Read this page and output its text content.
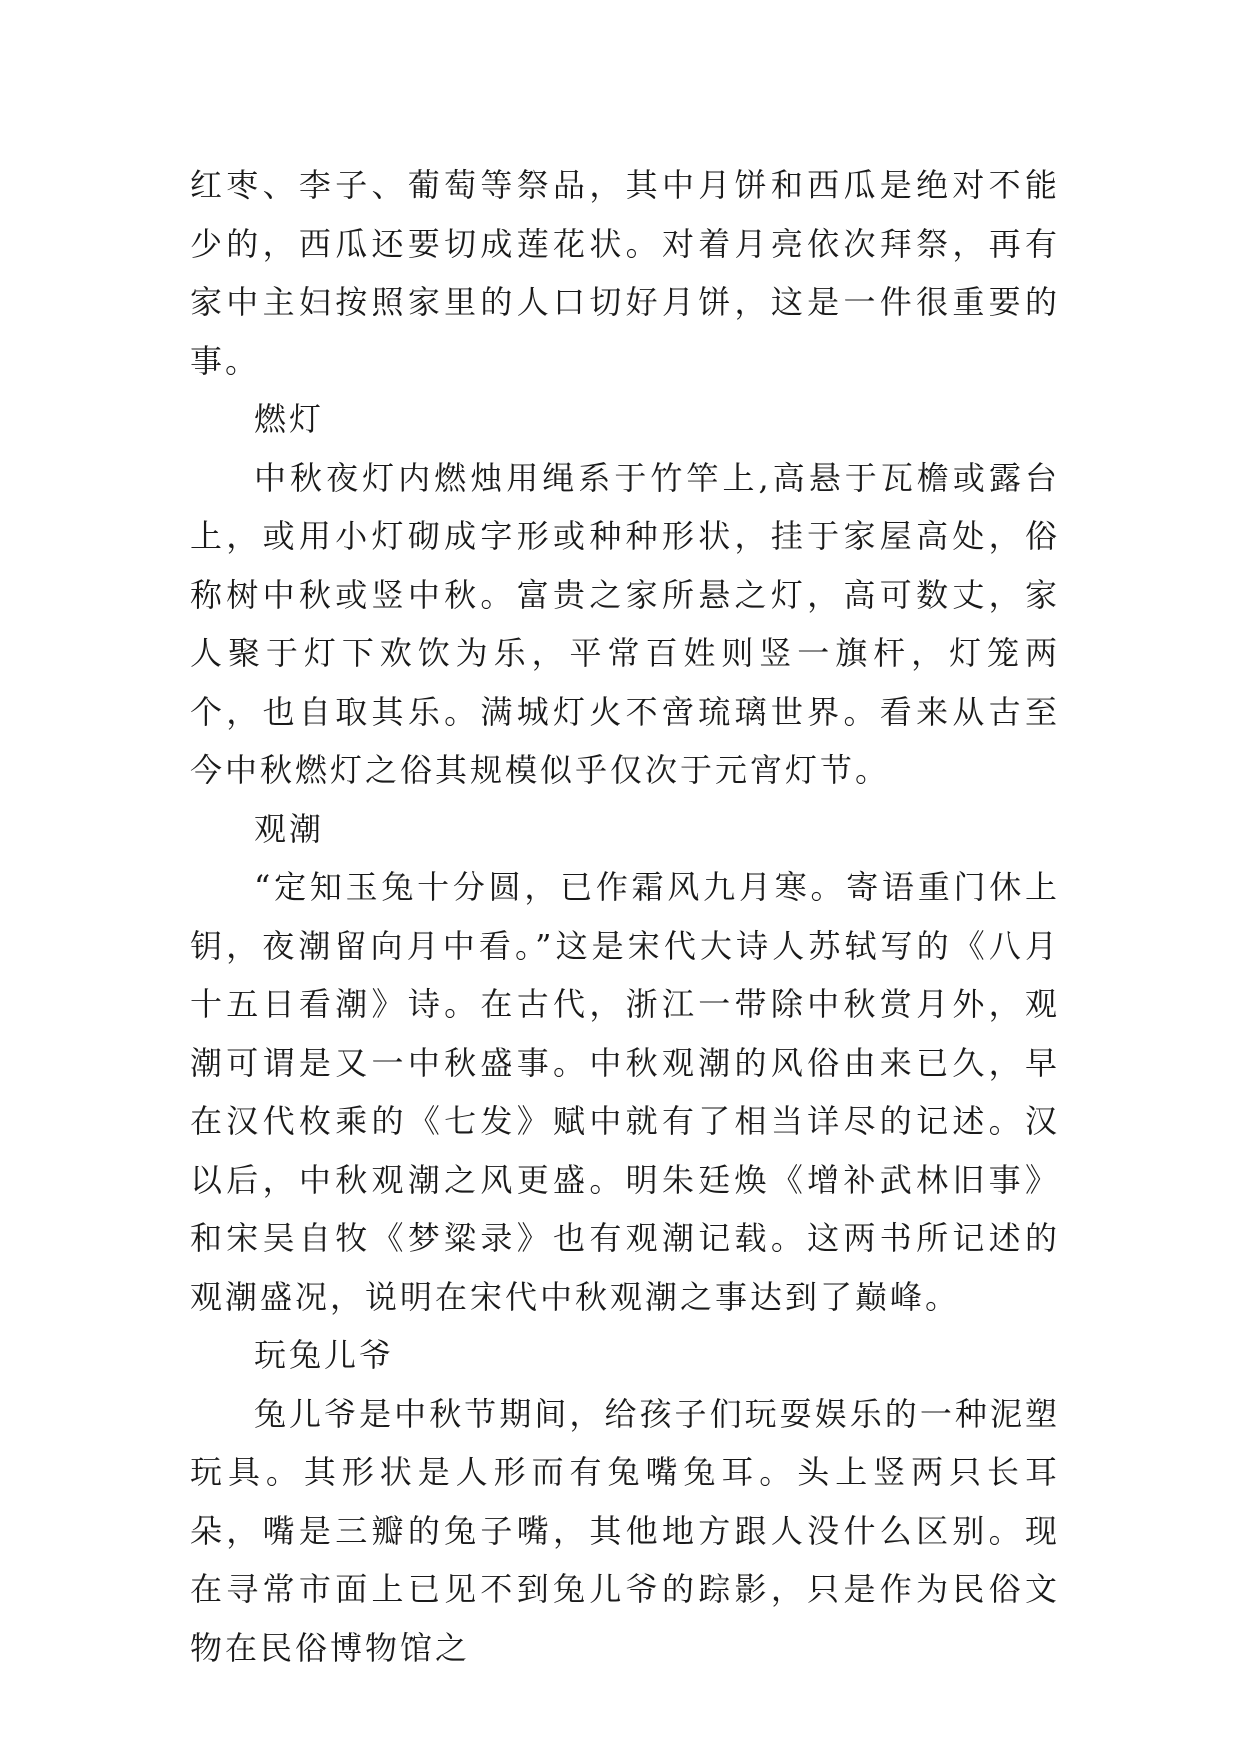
红枣、李子、葡萄等祭品，其中月饼和西瓜是绝对不能少的，西瓜还要切成莲花状。对着月亮依次拜祭，再有家中主妇按照家里的人口切好月饼，这是一件很重要的事。

燃灯

中秋夜灯内燃烛用绳系于竹竿上,高悬于瓦檐或露台上，或用小灯砌成字形或种种形状，挂于家屋高处，俗称树中秋或竖中秋。富贵之家所悬之灯，高可数丈，家人聚于灯下欢饮为乐，平常百姓则竖一旗杆，灯笼两个，也自取其乐。满城灯火不啻琉璃世界。看来从古至今中秋燃灯之俗其规模似乎仅次于元宵灯节。

观潮

“定知玉兔十分圆，已作霜风九月寒。寄语重门休上钥，夜潮留向月中看。”这是宋代大诗人苏轼写的《八月十五日看潮》诗。在古代，浙江一带除中秋赏月外，观潮可谓是又一中秋盛事。中秋观潮的风俗由来已久，早在汉代枚乘的《七发》赋中就有了相当详尽的记述。汉以后，中秋观潮之风更盛。明朱廷焕《增补武林旧事》和宋吴自牧《梦粱录》也有观潮记载。这两书所记述的观潮盛况，说明在宋代中秋观潮之事达到了巅峰。

玩兔儿爷

兔儿爷是中秋节期间，给孩子们玩耍娱乐的一种泥塑玩具。其形状是人形而有兔嘴兔耳。头上竖两只长耳朵，嘴是三瓣的兔子嘴，其他地方跟人没什么区别。现在寻常市面上已见不到兔儿爷的踪影，只是作为民俗文物在民俗博物馆之
